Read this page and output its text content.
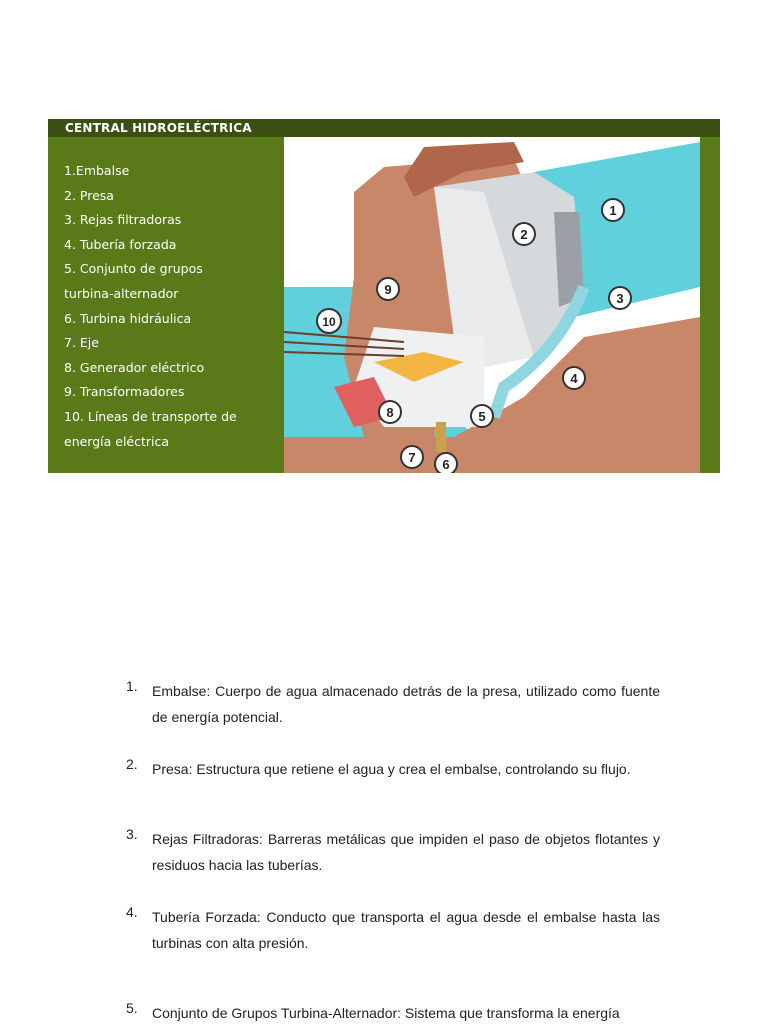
CENTRAL HIDROELÉCTRICA
1.Embalse
2. Presa
3. Rejas filtradoras
4. Tubería forzada
5. Conjunto de grupos
turbina-alternador
6. Turbina hidráulica
7. Eje
8. Generador eléctrico
9. Transformadores
10. Líneas de transporte de
energía eléctrica
1
2
3
4
5
6
7
8
9
10
1. Embalse: Cuerpo de agua almacenado detrás de la presa, utilizado como fuente de energía potencial.
2. Presa: Estructura que retiene el agua y crea el embalse, controlando su flujo.
3. Rejas Filtradoras: Barreras metálicas que impiden el paso de objetos flotantes y residuos hacia las tuberías.
4. Tubería Forzada: Conducto que transporta el agua desde el embalse hasta las turbinas con alta presión.
5. Conjunto de Grupos Turbina-Alternador: Sistema que transforma la energía
